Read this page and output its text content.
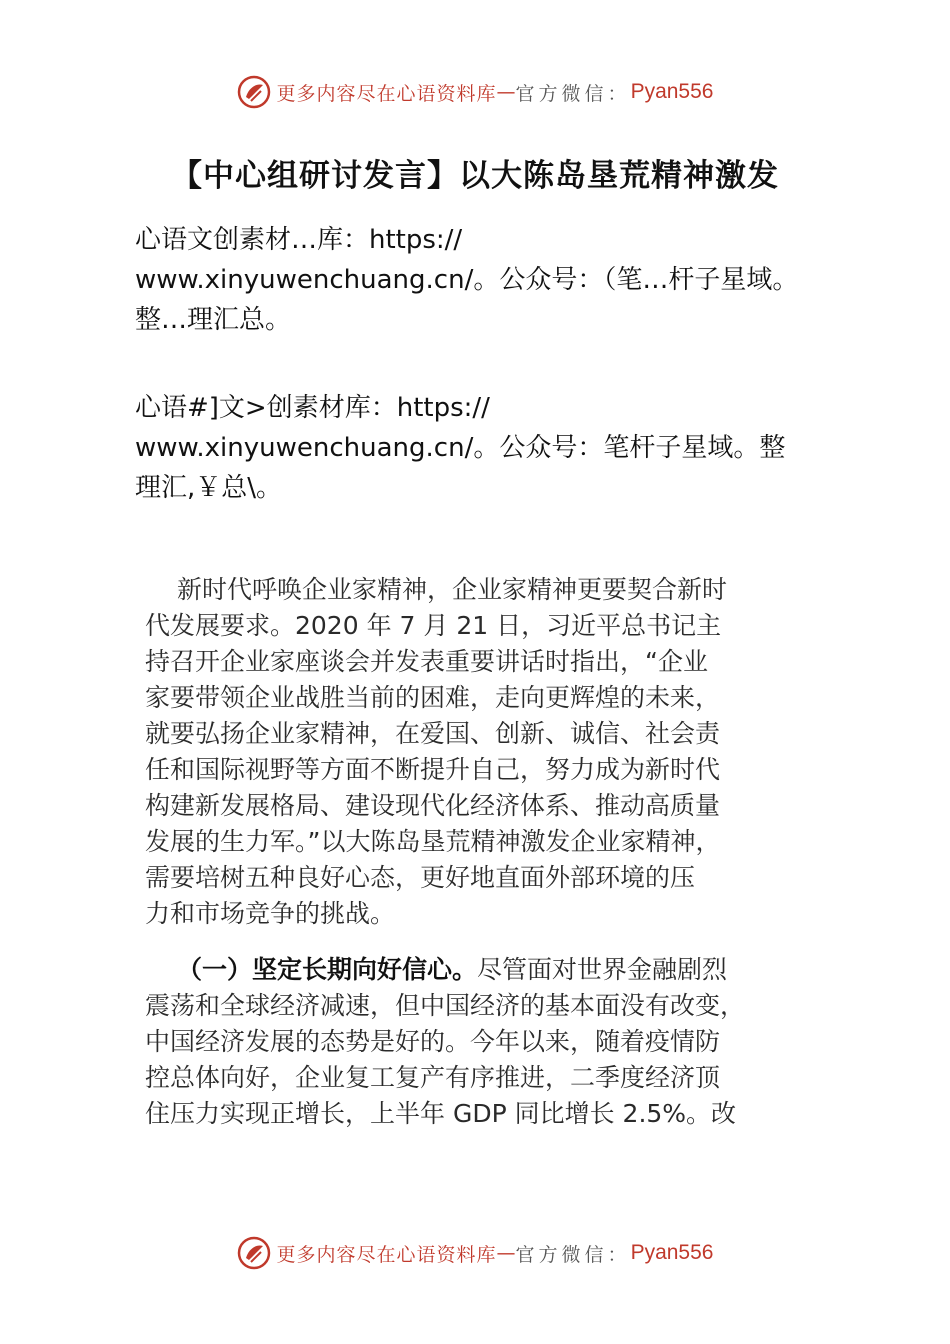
更多内容尽在心语资料库 — 官方微信： Pyan556
【中心组研讨发言】以大陈岛垦荒精神激发

心语文创素材…库：https://

www.xinyuwenchuang.cn/。公众号：（笔…杆子星域。

整…理汇总。

心语#]文>创素材库：https://

www.xinyuwenchuang.cn/。公众号：笔杆子星域。整

理汇,￥总\。

新时代呼唤企业家精神，企业家精神更要契合新时

代发展要求。2020 年 7 月 21 日，习近平总书记主

持召开企业家座谈会并发表重要讲话时指出，“企业

家要带领企业战胜当前的困难，走向更辉煌的未来，

就要弘扬企业家精神，在爱国、创新、诚信、社会责

任和国际视野等方面不断提升自己，努力成为新时代

构建新发展格局、建设现代化经济体系、推动高质量

发展的生力军。”以大陈岛垦荒精神激发企业家精神，

需要培树五种良好心态，更好地直面外部环境的压

力和市场竞争的挑战。

（一）坚定长期向好信心。尽管面对世界金融剧烈

震荡和全球经济减速，但中国经济的基本面没有改变，

中国经济发展的态势是好的。今年以来，随着疫情防

控总体向好，企业复工复产有序推进，二季度经济顶

住压力实现正增长，上半年 GDP 同比增长 2.5%。改

更多内容尽在心语资料库 — 官方微信： Pyan556
